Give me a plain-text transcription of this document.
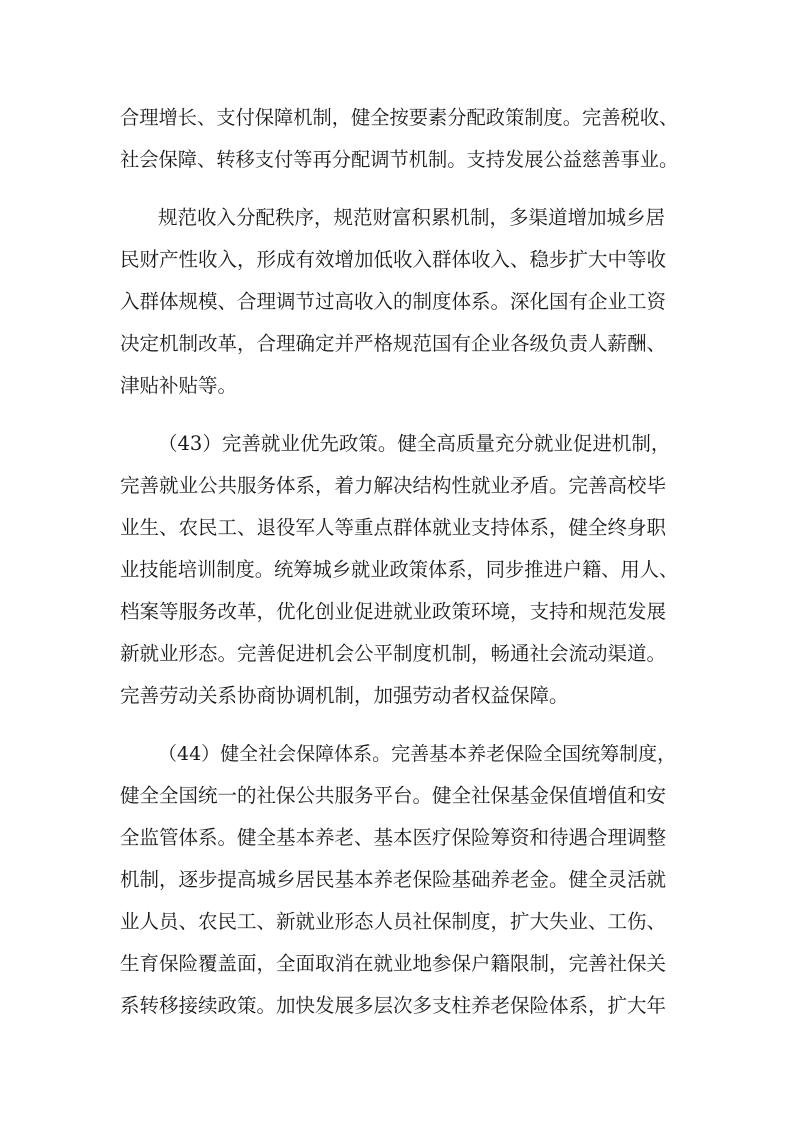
合理增长、支付保障机制，健全按要素分配政策制度。完善税收、
社会保障、转移支付等再分配调节机制。支持发展公益慈善事业。
规范收入分配秩序，规范财富积累机制，多渠道增加城乡居
民财产性收入，形成有效增加低收入群体收入、稳步扩大中等收
入群体规模、合理调节过高收入的制度体系。深化国有企业工资
决定机制改革，合理确定并严格规范国有企业各级负责人薪酬、
津贴补贴等。
（43）完善就业优先政策。健全高质量充分就业促进机制，
完善就业公共服务体系，着力解决结构性就业矛盾。完善高校毕
业生、农民工、退役军人等重点群体就业支持体系，健全终身职
业技能培训制度。统筹城乡就业政策体系，同步推进户籍、用人、
档案等服务改革，优化创业促进就业政策环境，支持和规范发展
新就业形态。完善促进机会公平制度机制，畅通社会流动渠道。
完善劳动关系协商协调机制，加强劳动者权益保障。
（44）健全社会保障体系。完善基本养老保险全国统筹制度，
健全全国统一的社保公共服务平台。健全社保基金保值增值和安
全监管体系。健全基本养老、基本医疗保险筹资和待遇合理调整
机制，逐步提高城乡居民基本养老保险基础养老金。健全灵活就
业人员、农民工、新就业形态人员社保制度，扩大失业、工伤、
生育保险覆盖面，全面取消在就业地参保户籍限制，完善社保关
系转移接续政策。加快发展多层次多支柱养老保险体系，扩大年
